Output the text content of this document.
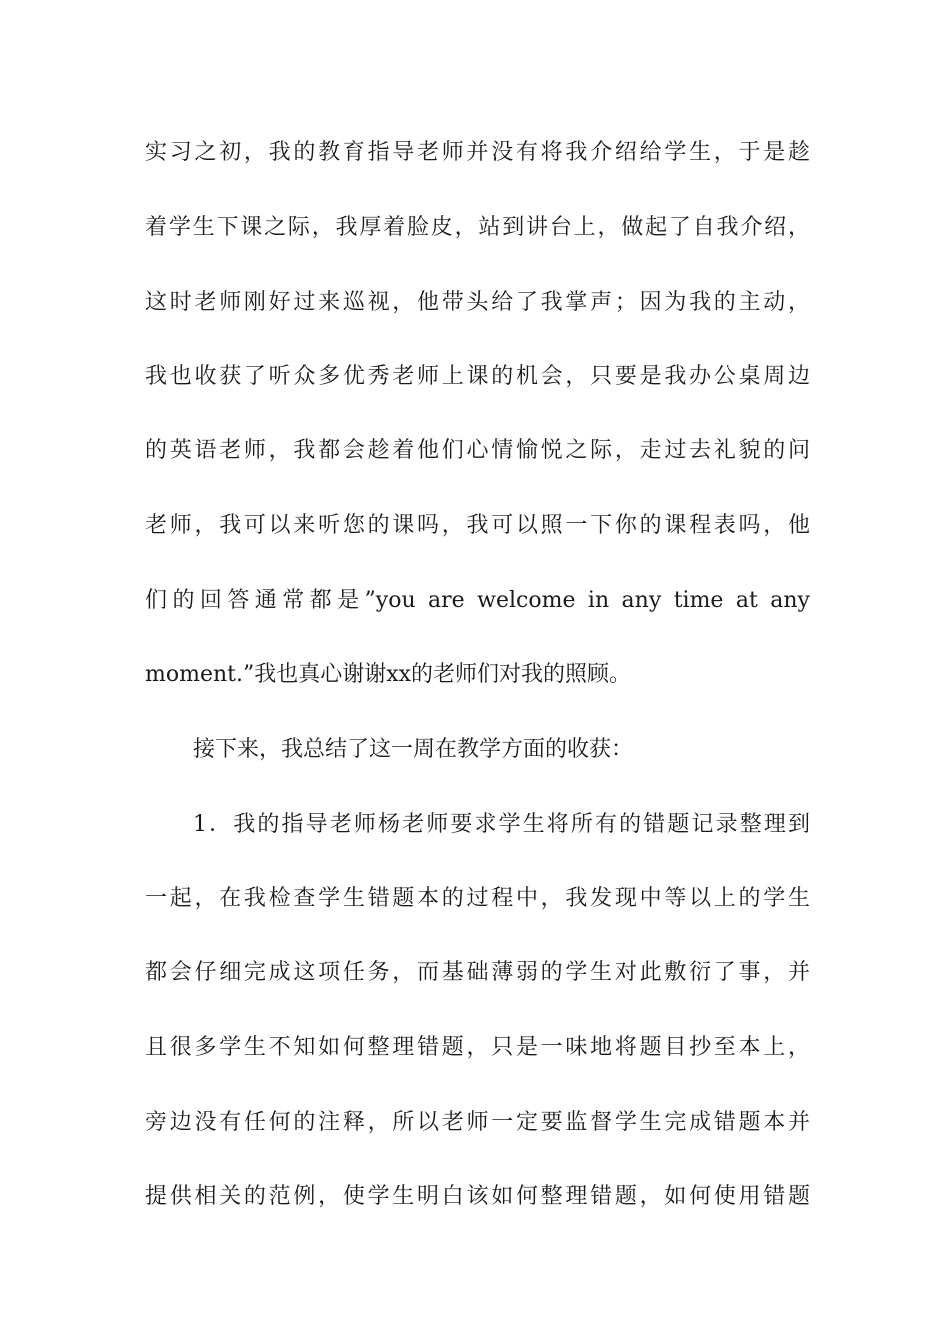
实习之初，我的教育指导老师并没有将我介绍给学生，于是趁
着学生下课之际，我厚着脸皮，站到讲台上，做起了自我介绍，
这时老师刚好过来巡视，他带头给了我掌声；因为我的主动，
我也收获了听众多优秀老师上课的机会，只要是我办公桌周边
的英语老师，我都会趁着他们心情愉悦之际，走过去礼貌的问
老师，我可以来听您的课吗，我可以照一下你的课程表吗，他
们的回答通常都是”you are welcome in any time at any
moment.”我也真心谢谢xx的老师们对我的照顾。
接下来，我总结了这一周在教学方面的收获：
1．我的指导老师杨老师要求学生将所有的错题记录整理到
一起，在我检查学生错题本的过程中，我发现中等以上的学生
都会仔细完成这项任务，而基础薄弱的学生对此敷衍了事，并
且很多学生不知如何整理错题，只是一味地将题目抄至本上，
旁边没有任何的注释，所以老师一定要监督学生完成错题本并
提供相关的范例，使学生明白该如何整理错题，如何使用错题
